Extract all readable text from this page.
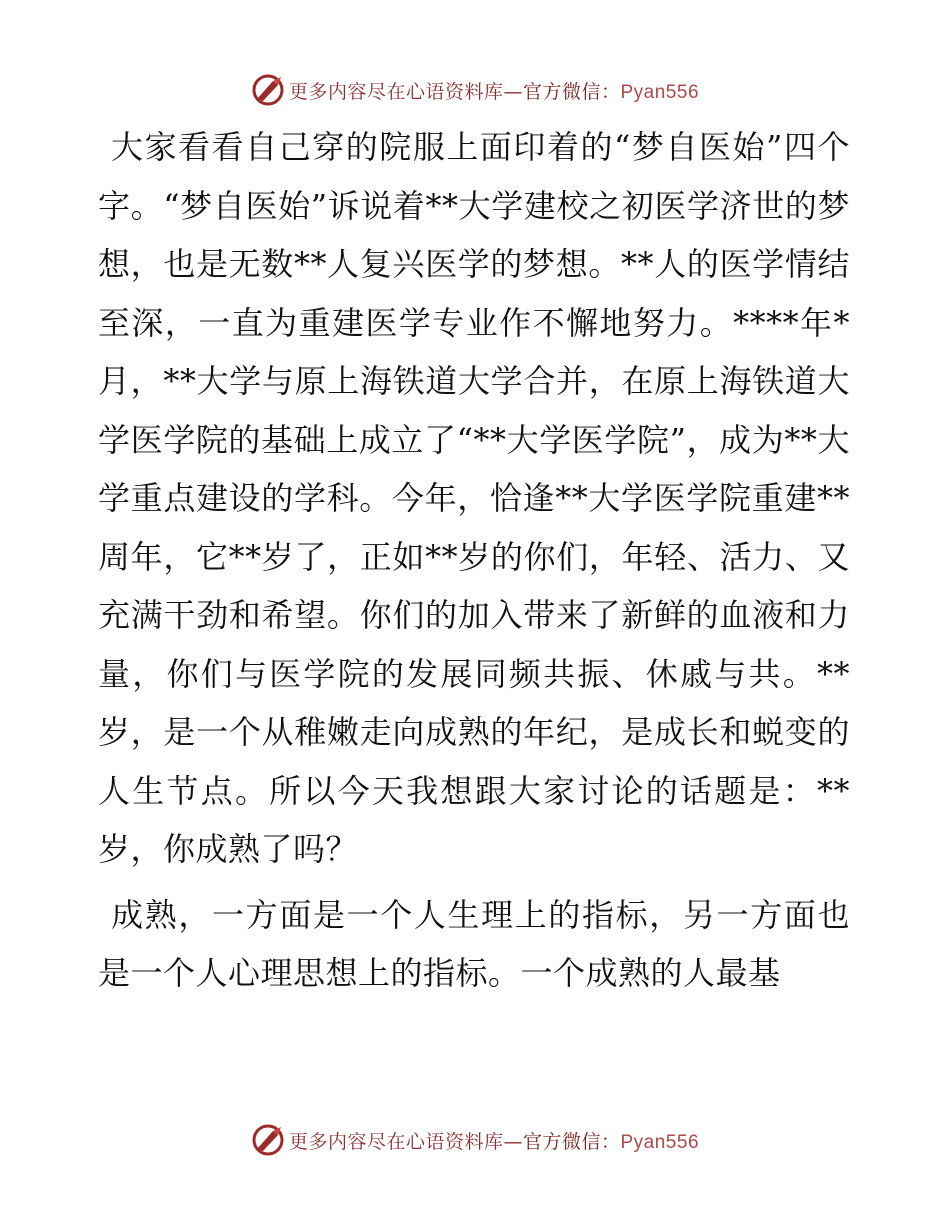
更多内容尽在心语资料库—官方微信：Pyan556

大家看看自己穿的院服上面印着的“梦自医始”四个字。“梦自医始”诉说着**大学建校之初医学济世的梦想，也是无数**人复兴医学的梦想。**人的医学情结至深，一直为重建医学专业作不懈地努力。****年*月，**大学与原上海铁道大学合并，在原上海铁道大学医学院的基础上成立了“**大学医学院”，成为**大学重点建设的学科。今年，恰逢**大学医学院重建**周年，它**岁了，正如**岁的你们，年轻、活力、又充满干劲和希望。你们的加入带来了新鲜的血液和力量，你们与医学院的发展同频共振、休戚与共。**岁，是一个从稚嫩走向成熟的年纪，是成长和蜕变的人生节点。所以今天我想跟大家讨论的话题是：**岁，你成熟了吗？

成熟，一方面是一个人生理上的指标，另一方面也是一个人心理思想上的指标。一个成熟的人最基

更多内容尽在心语资料库—官方微信：Pyan556
